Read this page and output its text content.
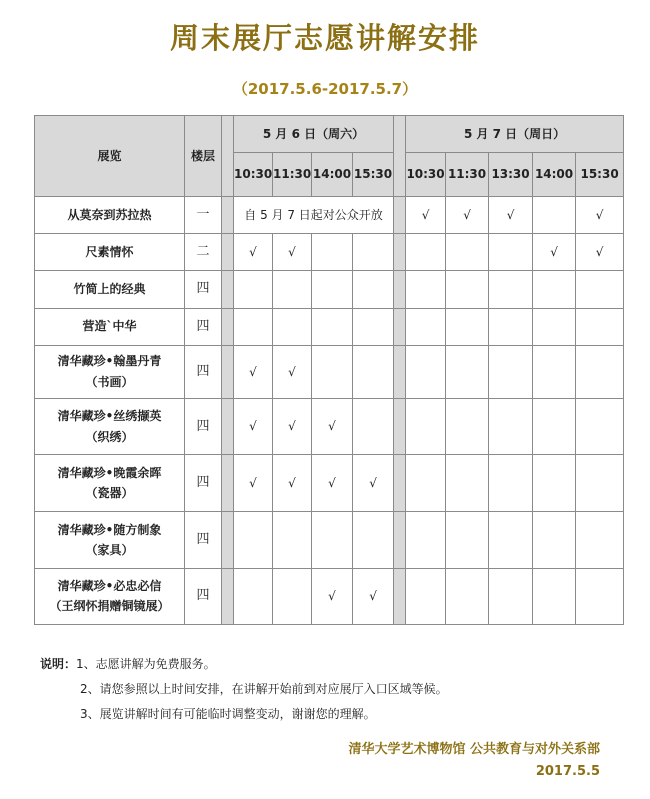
周末展厅志愿讲解安排
（2017.5.6-2017.5.7）
展览	楼层		5 月 6 日（周六）					5 月 7 日（周日）				
			10:30	11:30	14:00	15:30		10:30	11:30	13:30	14:00	15:30

从莫奈到苏拉热	一		自 5 月 7 日起对公众开放					√	√	√		√

尺素情怀	二		√	√							√	√

竹简上的经典	四											

营造`中华	四											

清华藏珍•翰墨丹青
（书画）	四		√	√								

清华藏珍•丝绣撷英
（织绣）	四		√	√	√							

清华藏珍•晚霞余晖
（瓷器）	四		√	√	√	√						

清华藏珍•随方制象
（家具）	四											

清华藏珍•必忠必信
（王纲怀捐赠铜镜展）	四				√	√						
说明：1、志愿讲解为免费服务。
2、请您参照以上时间安排，在讲解开始前到对应展厅入口区域等候。
3、展览讲解时间有可能临时调整变动，谢谢您的理解。
清华大学艺术博物馆 公共教育与对外关系部
2017.5.5
